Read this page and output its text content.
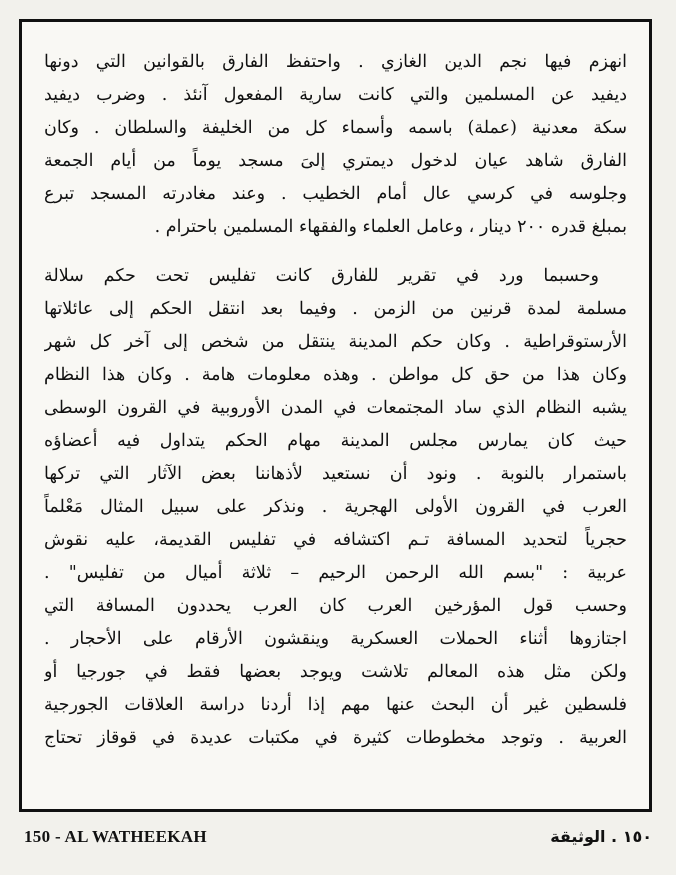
انهزم فيها نجم الدين الغازي . واحتفظ الفارق بالقوانين التي دونها
ديفيد عن المسلمين والتي كانت سارية المفعول آنئذ . وضرب ديفيد
سكة معدنية (عملة) باسمه وأسماء كل من الخليفة والسلطان . وكان
الفارق شاهد عيان لدخول ديمتري إلىَ مسجد يوماً من أيام الجمعة
وجلوسه في كرسي عال أمام الخطيب . وعند مغادرته المسجد تبرع
بمبلغ قدره ٢٠٠ دينار ، وعامل العلماء والفقهاء المسلمين باحترام .
وحسبما ورد في تقرير للفارق كانت تفليس تحت حكم سلالة
مسلمة لمدة قرنين من الزمن . وفيما بعد انتقل الحكم إلى عائلاتها
الأرستوقراطية . وكان حكم المدينة ينتقل من شخص إلى آخر كل شهر
وكان هذا من حق كل مواطن . وهذه معلومات هامة . وكان هذا النظام
يشبه النظام الذي ساد المجتمعات في المدن الأوروبية في القرون الوسطى
حيث كان يمارس مجلس المدينة مهام الحكم يتداول فيه أعضاؤه
باستمرار بالنوبة . ونود أن نستعيد لأذهاننا بعض الآثار التي تركها
العرب في القرون الأولى الهجرية . ونذكر على سبيل المثال مَعْلماً
حجرياً لتحديد المسافة تـم اكتشافه في تفليس القديمة، عليه نقوش
عربية : "بسم الله الرحمن الرحيم – ثلاثة أميال من تفليس" .
وحسب قول المؤرخين العرب كان العرب يحددون المسافة التي
اجتازوها أثناء الحملات العسكرية وينقشون الأرقام على الأحجار .
ولكن مثل هذه المعالم تلاشت ويوجد بعضها فقط في جورجيا أو
فلسطين غير أن البحث عنها مهم إذا أردنا دراسة العلاقات الجورجية
العربية . وتوجد مخطوطات كثيرة في مكتبات عديدة في قوقاز تحتاج
150 - AL WATHEEKAH	١٥٠ . الوثيقة
